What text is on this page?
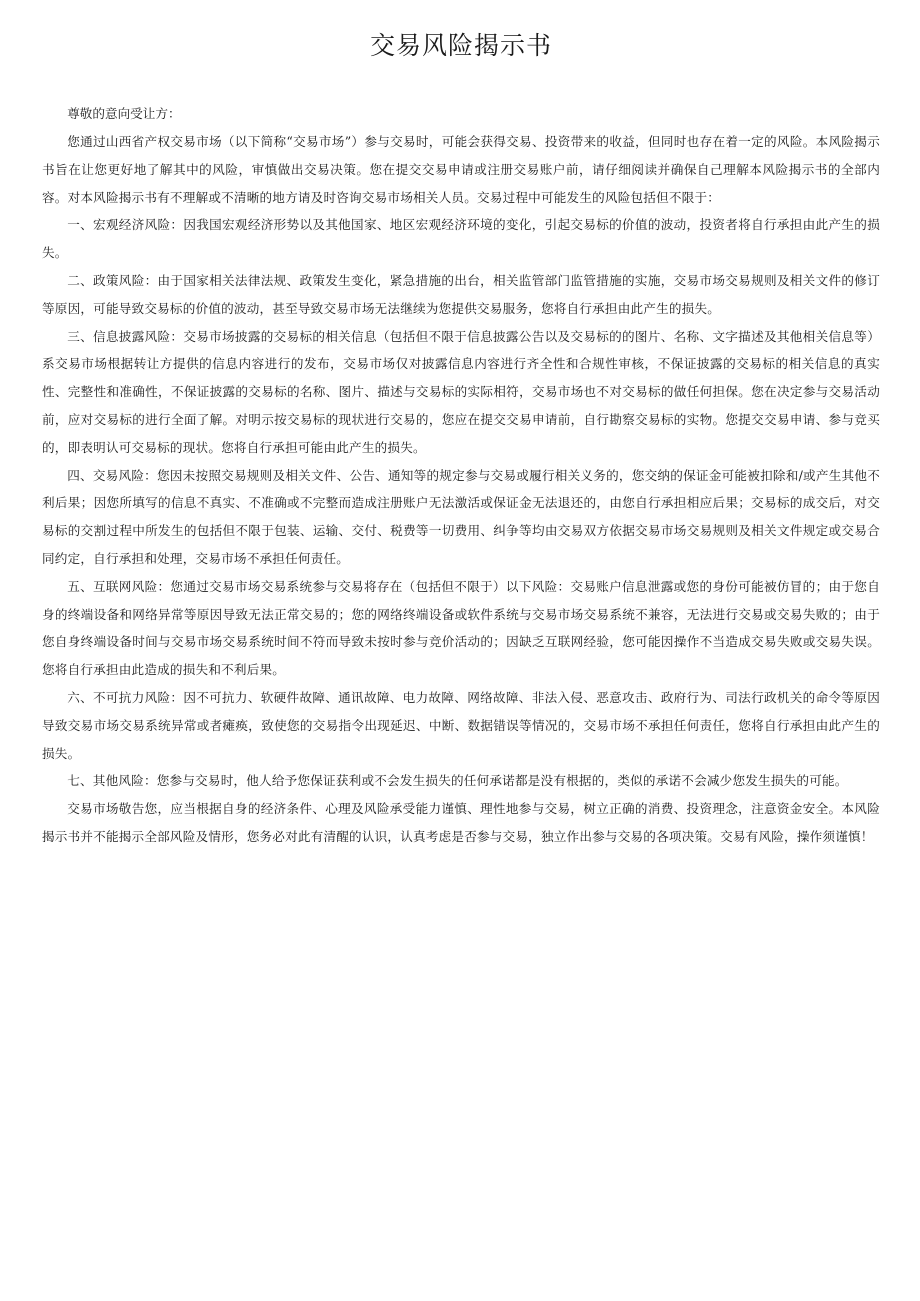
交易风险揭示书

尊敬的意向受让方：

您通过山西省产权交易市场（以下简称“交易市场”）参与交易时，可能会获得交易、投资带来的收益，但同时也存在着一定的风险。本风险揭示书旨在让您更好地了解其中的风险，审慎做出交易决策。您在提交交易申请或注册交易账户前，请仔细阅读并确保自己理解本风险揭示书的全部内容。对本风险揭示书有不理解或不清晰的地方请及时咨询交易市场相关人员。交易过程中可能发生的风险包括但不限于：

一、宏观经济风险：因我国宏观经济形势以及其他国家、地区宏观经济环境的变化，引起交易标的价值的波动，投资者将自行承担由此产生的损失。

二、政策风险：由于国家相关法律法规、政策发生变化，紧急措施的出台，相关监管部门监管措施的实施，交易市场交易规则及相关文件的修订等原因，可能导致交易标的价值的波动，甚至导致交易市场无法继续为您提供交易服务，您将自行承担由此产生的损失。

三、信息披露风险：交易市场披露的交易标的相关信息（包括但不限于信息披露公告以及交易标的的图片、名称、文字描述及其他相关信息等）系交易市场根据转让方提供的信息内容进行的发布，交易市场仅对披露信息内容进行齐全性和合规性审核，不保证披露的交易标的相关信息的真实性、完整性和准确性，不保证披露的交易标的名称、图片、描述与交易标的实际相符，交易市场也不对交易标的做任何担保。您在决定参与交易活动前，应对交易标的进行全面了解。对明示按交易标的现状进行交易的，您应在提交交易申请前，自行勘察交易标的实物。您提交交易申请、参与竞买的，即表明认可交易标的现状。您将自行承担可能由此产生的损失。

四、交易风险：您因未按照交易规则及相关文件、公告、通知等的规定参与交易或履行相关义务的，您交纳的保证金可能被扣除和/或产生其他不利后果；因您所填写的信息不真实、不准确或不完整而造成注册账户无法激活或保证金无法退还的，由您自行承担相应后果；交易标的成交后，对交易标的交割过程中所发生的包括但不限于包装、运输、交付、税费等一切费用、纠争等均由交易双方依据交易市场交易规则及相关文件规定或交易合同约定，自行承担和处理，交易市场不承担任何责任。

五、互联网风险：您通过交易市场交易系统参与交易将存在（包括但不限于）以下风险：交易账户信息泄露或您的身份可能被仿冒的；由于您自身的终端设备和网络异常等原因导致无法正常交易的；您的网络终端设备或软件系统与交易市场交易系统不兼容，无法进行交易或交易失败的；由于您自身终端设备时间与交易市场交易系统时间不符而导致未按时参与竞价活动的；因缺乏互联网经验，您可能因操作不当造成交易失败或交易失误。您将自行承担由此造成的损失和不利后果。

六、不可抗力风险：因不可抗力、软硬件故障、通讯故障、电力故障、网络故障、非法入侵、恶意攻击、政府行为、司法行政机关的命令等原因导致交易市场交易系统异常或者瘫痪，致使您的交易指令出现延迟、中断、数据错误等情况的，交易市场不承担任何责任，您将自行承担由此产生的损失。

七、其他风险：您参与交易时，他人给予您保证获利或不会发生损失的任何承诺都是没有根据的，类似的承诺不会减少您发生损失的可能。

交易市场敬告您，应当根据自身的经济条件、心理及风险承受能力谨慎、理性地参与交易，树立正确的消费、投资理念，注意资金安全。本风险揭示书并不能揭示全部风险及情形，您务必对此有清醒的认识，认真考虑是否参与交易，独立作出参与交易的各项决策。交易有风险，操作须谨慎！
